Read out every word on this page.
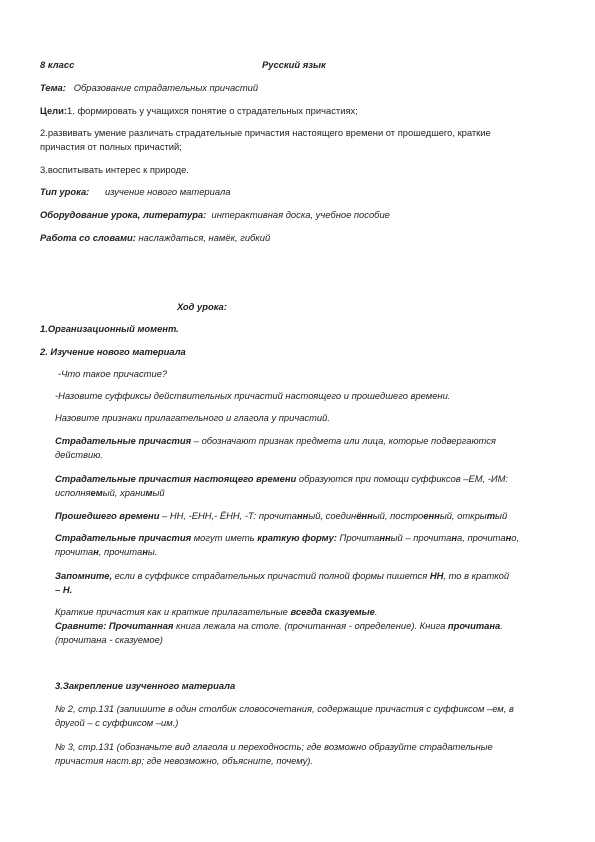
8 класс	Русский язык
Тема: Образование страдательных причастий
Цели:1. формировать у учащихся понятие о страдательных причастиях;
2.развивать умение различать страдательные причастия настоящего времени от прошедшего, краткие
причастия от полных причастий;
3.воспитывать интерес к природе.
Тип урока: изучение нового материала
Оборудование урока, литература: интерактивная доска, учебное пособие
Работа со словами: наслаждаться, намёк, гибкий
Ход урока:
1.Организационный момент.
2. Изучение нового материала
-Что такое причастие?
-Назовите суффиксы действительных причастий настоящего и прошедшего времени.
Назовите признаки прилагательного и глагола у причастий.
Страдательные причастия – обозначают признак предмета или лица, которые подвергаются
действию.
Страдательные причастия настоящего времени образуются при помощи суффиксов –ЕМ, -ИМ:
исполняемый, хранимый
Прошедшего времени – НН, -ЕНН,- ЁНН, -Т: прочитанный, соединённый, построенный, открытый
Страдательные причастия могут иметь краткую форму: Прочитанный – прочитана, прочитано,
прочитан, прочитаны.
Запомните, если в суффиксе страдательных причастий полной формы пишется НН, то в краткой
– Н.
Краткие причастия как и краткие прилагательные всегда сказуемые.
Сравните: Прочитанная книга лежала на столе. (прочитанная - определение). Книга прочитана.
(прочитана - сказуемое)
3.Закрепление изученного материала
№ 2, стр.131 (запишите в один столбик словосочетания, содержащие причастия с суффиксом –ем, в
другой – с суффиксом –им.)
№ 3, стр.131 (обозначьте вид глагола и переходность; где возможно образуйте страдательные
причастия наст.вр; где невозможно, объясните, почему).
